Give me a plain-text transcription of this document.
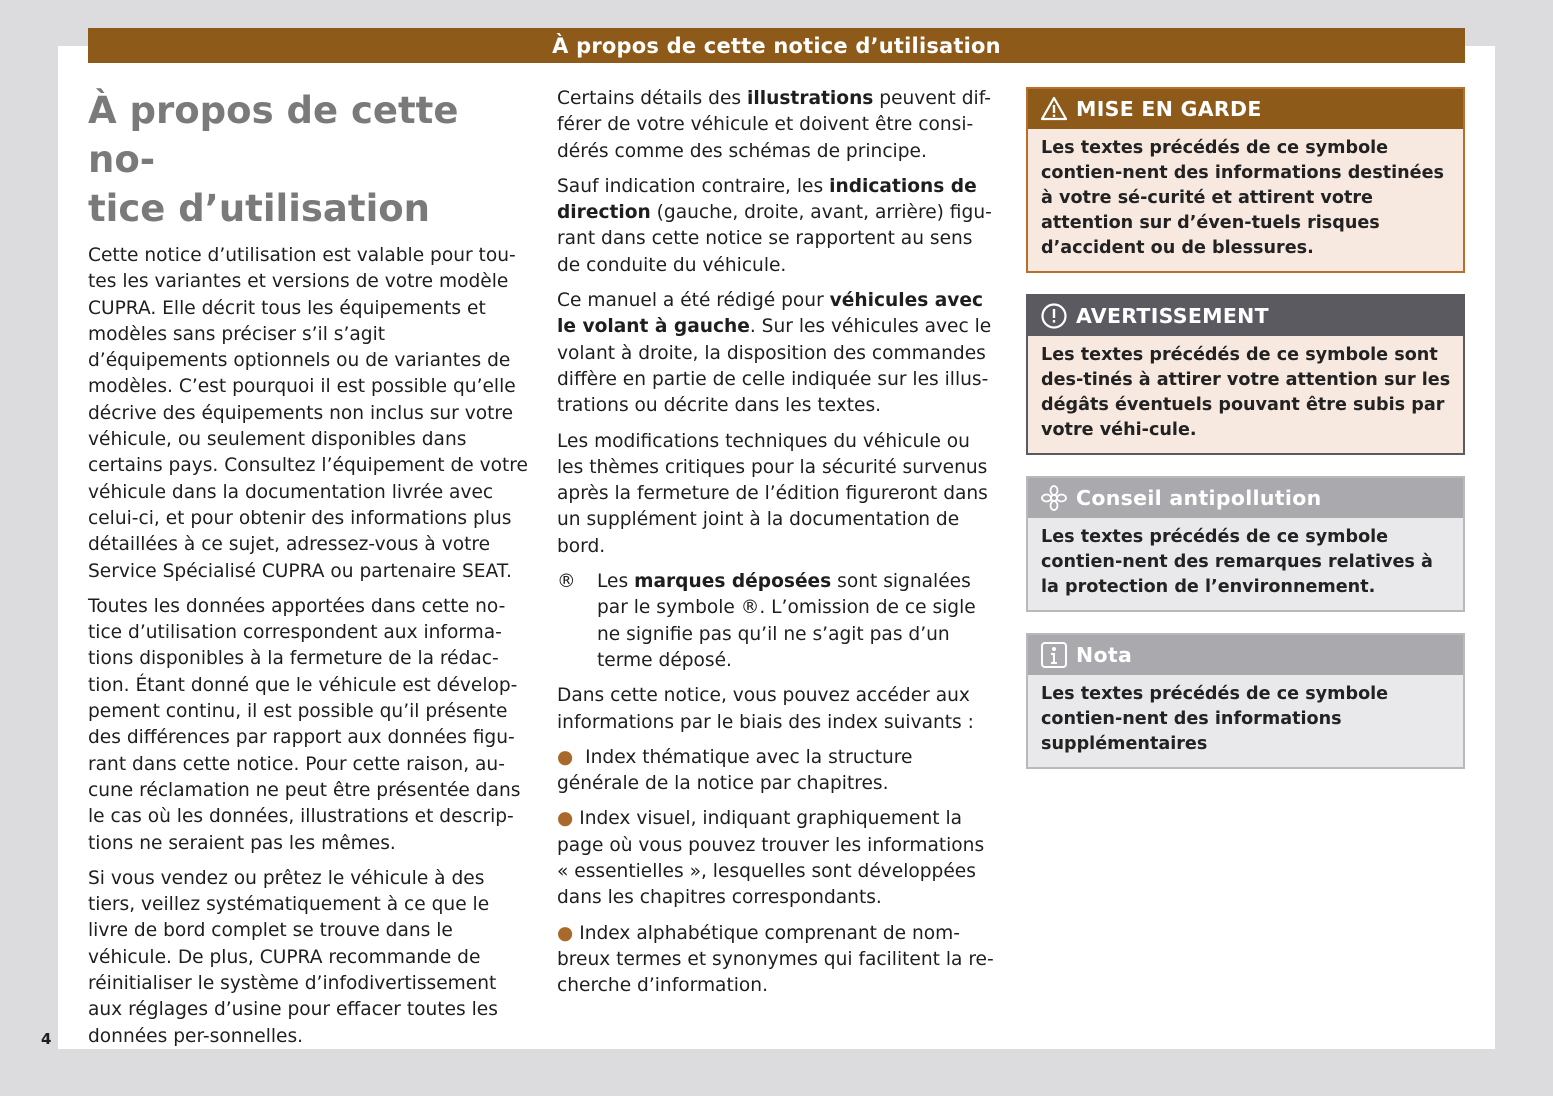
À propos de cette notice d’utilisation
À propos de cette no-
tice d’utilisation

Cette notice d’utilisation est valable pour tou-tes les variantes et versions de votre modèle CUPRA. Elle décrit tous les équipements et modèles sans préciser s’il s’agit d’équipements optionnels ou de variantes de modèles. C’est pourquoi il est possible qu’elle décrive des équipements non inclus sur votre véhicule, ou seulement disponibles dans certains pays. Consultez l’équipement de votre véhicule dans la documentation livrée avec celui-ci, et pour obtenir des informations plus détaillées à ce sujet, adressez-vous à votre Service Spécialisé CUPRA ou partenaire SEAT.

Toutes les données apportées dans cette no-tice d’utilisation correspondent aux informa-tions disponibles à la fermeture de la rédac-tion. Étant donné que le véhicule est dévelop-pement continu, il est possible qu’il présente des différences par rapport aux données figu-rant dans cette notice. Pour cette raison, au-cune réclamation ne peut être présentée dans le cas où les données, illustrations et descrip-tions ne seraient pas les mêmes.

Si vous vendez ou prêtez le véhicule à des tiers, veillez systématiquement à ce que le livre de bord complet se trouve dans le véhicule. De plus, CUPRA recommande de réinitialiser le système d’infodivertissement aux réglages d’usine pour effacer toutes les données per-sonnelles.

Certains détails des illustrations peuvent dif-férer de votre véhicule et doivent être consi-dérés comme des schémas de principe.

Sauf indication contraire, les indications de direction (gauche, droite, avant, arrière) figu-rant dans cette notice se rapportent au sens de conduite du véhicule.

Ce manuel a été rédigé pour véhicules avec le volant à gauche. Sur les véhicules avec le volant à droite, la disposition des commandes diffère en partie de celle indiquée sur les illus-trations ou décrite dans les textes.

Les modifications techniques du véhicule ou les thèmes critiques pour la sécurité survenus après la fermeture de l’édition figureront dans un supplément joint à la documentation de bord.

®	Les marques déposées sont signalées par le symbole ®. L’omission de ce sigle ne signifie pas qu’il ne s’agit pas d’un terme déposé.

Dans cette notice, vous pouvez accéder aux informations par le biais des index suivants :

● Index thématique avec la structure générale de la notice par chapitres.

● Index visuel, indiquant graphiquement la page où vous pouvez trouver les informations « essentielles », lesquelles sont développées dans les chapitres correspondants.

● Index alphabétique comprenant de nom-breux termes et synonymes qui facilitent la re-cherche d’information.

MISE EN GARDE
Les textes précédés de ce symbole contien-nent des informations destinées à votre sé-curité et attirent votre attention sur d’éven-tuels risques d’accident ou de blessures.
AVERTISSEMENT
Les textes précédés de ce symbole sont des-tinés à attirer votre attention sur les dégâts éventuels pouvant être subis par votre véhi-cule.
Conseil antipollution
Les textes précédés de ce symbole contien-nent des remarques relatives à la protection de l’environnement.
Nota
Les textes précédés de ce symbole contien-nent des informations supplémentaires
4
